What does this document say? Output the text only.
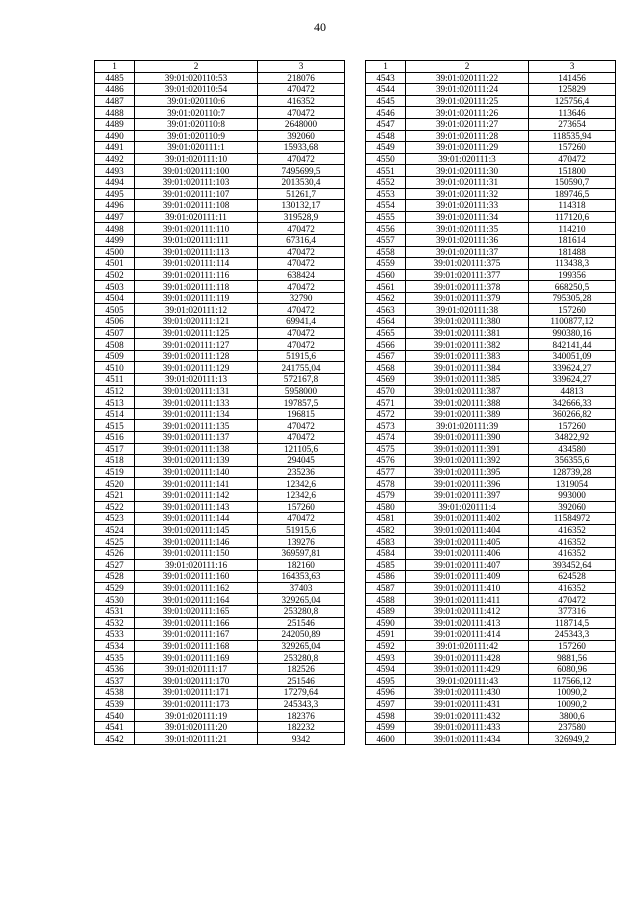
40
1	2	3
4485	39:01:020110:53	218076
4486	39:01:020110:54	470472
4487	39:01:020110:6	416352
4488	39:01:020110:7	470472
4489	39:01:020110:8	2648000
4490	39:01:020110:9	392060
4491	39:01:020111:1	15933,68
4492	39:01:020111:10	470472
4493	39:01:020111:100	7495699,5
4494	39:01:020111:103	2013530,4
4495	39:01:020111:107	51261,7
4496	39:01:020111:108	130132,17
4497	39:01:020111:11	319528,9
4498	39:01:020111:110	470472
4499	39:01:020111:111	67316,4
4500	39:01:020111:113	470472
4501	39:01:020111:114	470472
4502	39:01:020111:116	638424
4503	39:01:020111:118	470472
4504	39:01:020111:119	32790
4505	39:01:020111:12	470472
4506	39:01:020111:121	69941,4
4507	39:01:020111:125	470472
4508	39:01:020111:127	470472
4509	39:01:020111:128	51915,6
4510	39:01:020111:129	241755,04
4511	39:01:020111:13	572167,8
4512	39:01:020111:131	5958000
4513	39:01:020111:133	197857,5
4514	39:01:020111:134	196815
4515	39:01:020111:135	470472
4516	39:01:020111:137	470472
4517	39:01:020111:138	121105,6
4518	39:01:020111:139	294045
4519	39:01:020111:140	235236
4520	39:01:020111:141	12342,6
4521	39:01:020111:142	12342,6
4522	39:01:020111:143	157260
4523	39:01:020111:144	470472
4524	39:01:020111:145	51915,6
4525	39:01:020111:146	139276
4526	39:01:020111:150	369597,81
4527	39:01:020111:16	182160
4528	39:01:020111:160	164353,63
4529	39:01:020111:162	37403
4530	39:01:020111:164	329265,04
4531	39:01:020111:165	253280,8
4532	39:01:020111:166	251546
4533	39:01:020111:167	242050,89
4534	39:01:020111:168	329265,04
4535	39:01:020111:169	253280,8
4536	39:01:020111:17	182526
4537	39:01:020111:170	251546
4538	39:01:020111:171	17279,64
4539	39:01:020111:173	245343,3
4540	39:01:020111:19	182376
4541	39:01:020111:20	182232
4542	39:01:020111:21	9342
1	2	3
4543	39:01:020111:22	141456
4544	39:01:020111:24	125829
4545	39:01:020111:25	125756,4
4546	39:01:020111:26	113646
4547	39:01:020111:27	273654
4548	39:01:020111:28	118535,94
4549	39:01:020111:29	157260
4550	39:01:020111:3	470472
4551	39:01:020111:30	151800
4552	39:01:020111:31	150590,7
4553	39:01:020111:32	189746,5
4554	39:01:020111:33	114318
4555	39:01:020111:34	117120,6
4556	39:01:020111:35	114210
4557	39:01:020111:36	181614
4558	39:01:020111:37	181488
4559	39:01:020111:375	113438,3
4560	39:01:020111:377	199356
4561	39:01:020111:378	668250,5
4562	39:01:020111:379	795305,28
4563	39:01:020111:38	157260
4564	39:01:020111:380	1100877,12
4565	39:01:020111:381	990380,16
4566	39:01:020111:382	842141,44
4567	39:01:020111:383	340051,09
4568	39:01:020111:384	339624,27
4569	39:01:020111:385	339624,27
4570	39:01:020111:387	44813
4571	39:01:020111:388	342666,33
4572	39:01:020111:389	360266,82
4573	39:01:020111:39	157260
4574	39:01:020111:390	34822,92
4575	39:01:020111:391	434580
4576	39:01:020111:392	356355,6
4577	39:01:020111:395	128739,28
4578	39:01:020111:396	1319054
4579	39:01:020111:397	993000
4580	39:01:020111:4	392060
4581	39:01:020111:402	11584972
4582	39:01:020111:404	416352
4583	39:01:020111:405	416352
4584	39:01:020111:406	416352
4585	39:01:020111:407	393452,64
4586	39:01:020111:409	624528
4587	39:01:020111:410	416352
4588	39:01:020111:411	470472
4589	39:01:020111:412	377316
4590	39:01:020111:413	118714,5
4591	39:01:020111:414	245343,3
4592	39:01:020111:42	157260
4593	39:01:020111:428	9881,56
4594	39:01:020111:429	6080,96
4595	39:01:020111:43	117566,12
4596	39:01:020111:430	10090,2
4597	39:01:020111:431	10090,2
4598	39:01:020111:432	3800,6
4599	39:01:020111:433	237580
4600	39:01:020111:434	326949,2
